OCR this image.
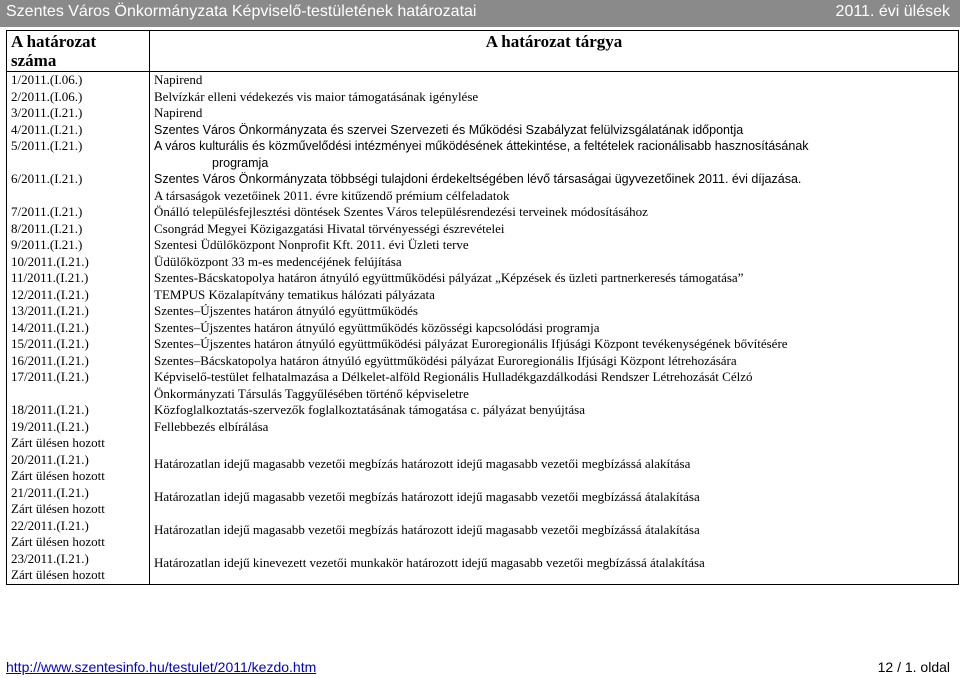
Szentes Város Önkormányzata Képviselő-testületének határozatai	2011. évi ülések
A határozat száma	A határozat tárgya
1/2011.(I.06.)	Napirend
2/2011.(I.06.)	Belvízkár elleni védekezés vis maior támogatásának igénylése
3/2011.(I.21.)	Napirend
4/2011.(I.21.)	Szentes Város Önkormányzata és szervei Szervezeti és Működési Szabályzat felülvizsgálatának időpontja
5/2011.(I.21.)	A város kulturális és közművelődési intézményei működésének áttekintése, a feltételek racionálisabb hasznosításának
programja

6/2011.(I.21.)	Szentes Város Önkormányzata többségi tulajdoni érdekeltségében lévő társaságai ügyvezetőinek 2011. évi díjazása.
A társaságok vezetőinek 2011. évre kitűzendő prémium célfeladatok

7/2011.(I.21.)	Önálló településfejlesztési döntések Szentes Város településrendezési terveinek módosításához
8/2011.(I.21.)	Csongrád Megyei Közigazgatási Hivatal törvényességi észrevételei
9/2011.(I.21.)	Szentesi Üdülőközpont Nonprofit Kft. 2011. évi Üzleti terve
10/2011.(I.21.)	Üdülőközpont 33 m-es medencéjének felújítása
11/2011.(I.21.)	Szentes-Bácskatopolya határon átnyúló együttműködési pályázat „Képzések és üzleti partnerkeresés támogatása”
12/2011.(I.21.)	TEMPUS Közalapítvány tematikus hálózati pályázata
13/2011.(I.21.)	Szentes–Újszentes határon átnyúló együttműködés
14/2011.(I.21.)	Szentes–Újszentes határon átnyúló együttműködés közösségi kapcsolódási programja
15/2011.(I.21.)	Szentes–Újszentes határon átnyúló együttműködési pályázat Euroregionális Ifjúsági Központ tevékenységének bővítésére
16/2011.(I.21.)	Szentes–Bácskatopolya határon átnyúló együttműködési pályázat Euroregionális Ifjúsági Központ létrehozására
17/2011.(I.21.)	Képviselő-testület felhatalmazása a Délkelet-alföld Regionális Hulladékgazdálkodási Rendszer Létrehozását Célzó
Önkormányzati Társulás Taggyűlésében történő képviseletre

18/2011.(I.21.)	Közfoglalkoztatás-szervezők foglalkoztatásának támogatása c. pályázat benyújtása

19/2011.(I.21.)
Zárt ülésen hozott	Fellebbezés elbírálása

20/2011.(I.21.)
Zárt ülésen hozott	Határozatlan idejű magasabb vezetői megbízás határozott idejű magasabb vezetői megbízássá alakítása

21/2011.(I.21.)
Zárt ülésen hozott	Határozatlan idejű magasabb vezetői megbízás határozott idejű magasabb vezetői megbízássá átalakítása

22/2011.(I.21.)
Zárt ülésen hozott	Határozatlan idejű magasabb vezetői megbízás határozott idejű magasabb vezetői megbízássá átalakítása

23/2011.(I.21.)
Zárt ülésen hozott	Határozatlan idejű kinevezett vezetői munkakör határozott idejű magasabb vezetői megbízássá átalakítása
http://www.szentesinfo.hu/testulet/2011/kezdo.htm	12 / 1. oldal
